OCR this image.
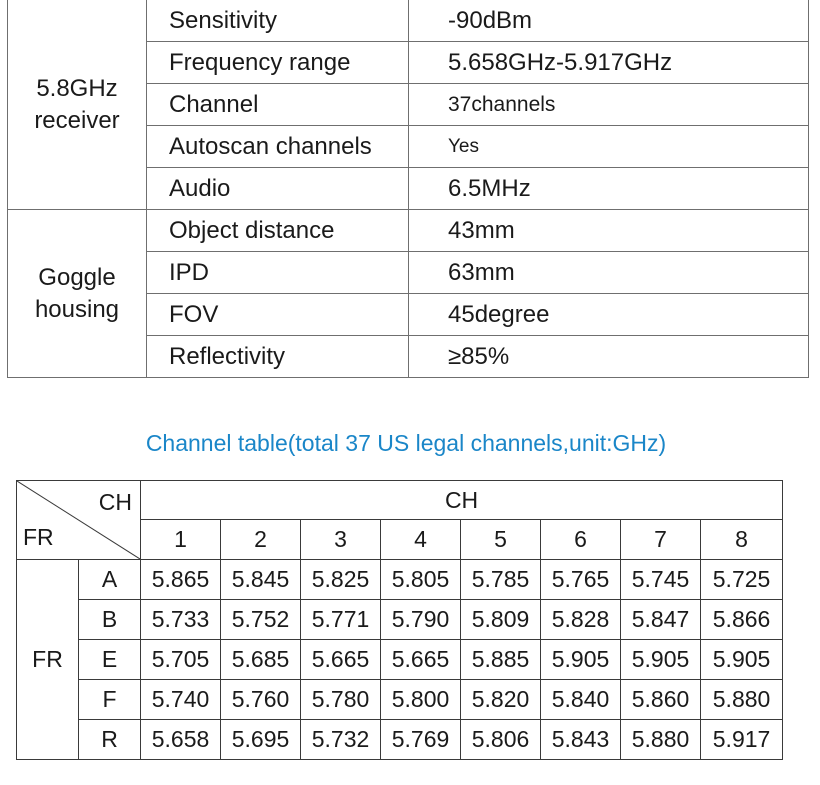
5.8GHz receiver	Sensitivity	-90dBm
	Frequency range	5.658GHz-5.917GHz
	Channel	37channels
	Autoscan channels	Yes
	Audio	6.5MHz
Goggle housing	Object distance	43mm
	IPD	63mm
	FOV	45degree
	Reflectivity	≥85%
Channel table(total 37 US legal channels,unit:GHz)
CH
FR		CH							
		1	2	3	4	5	6	7	8
FR	A	5.865	5.845	5.825	5.805	5.785	5.765	5.745	5.725
	B	5.733	5.752	5.771	5.790	5.809	5.828	5.847	5.866
	E	5.705	5.685	5.665	5.665	5.885	5.905	5.905	5.905
	F	5.740	5.760	5.780	5.800	5.820	5.840	5.860	5.880
	R	5.658	5.695	5.732	5.769	5.806	5.843	5.880	5.917
